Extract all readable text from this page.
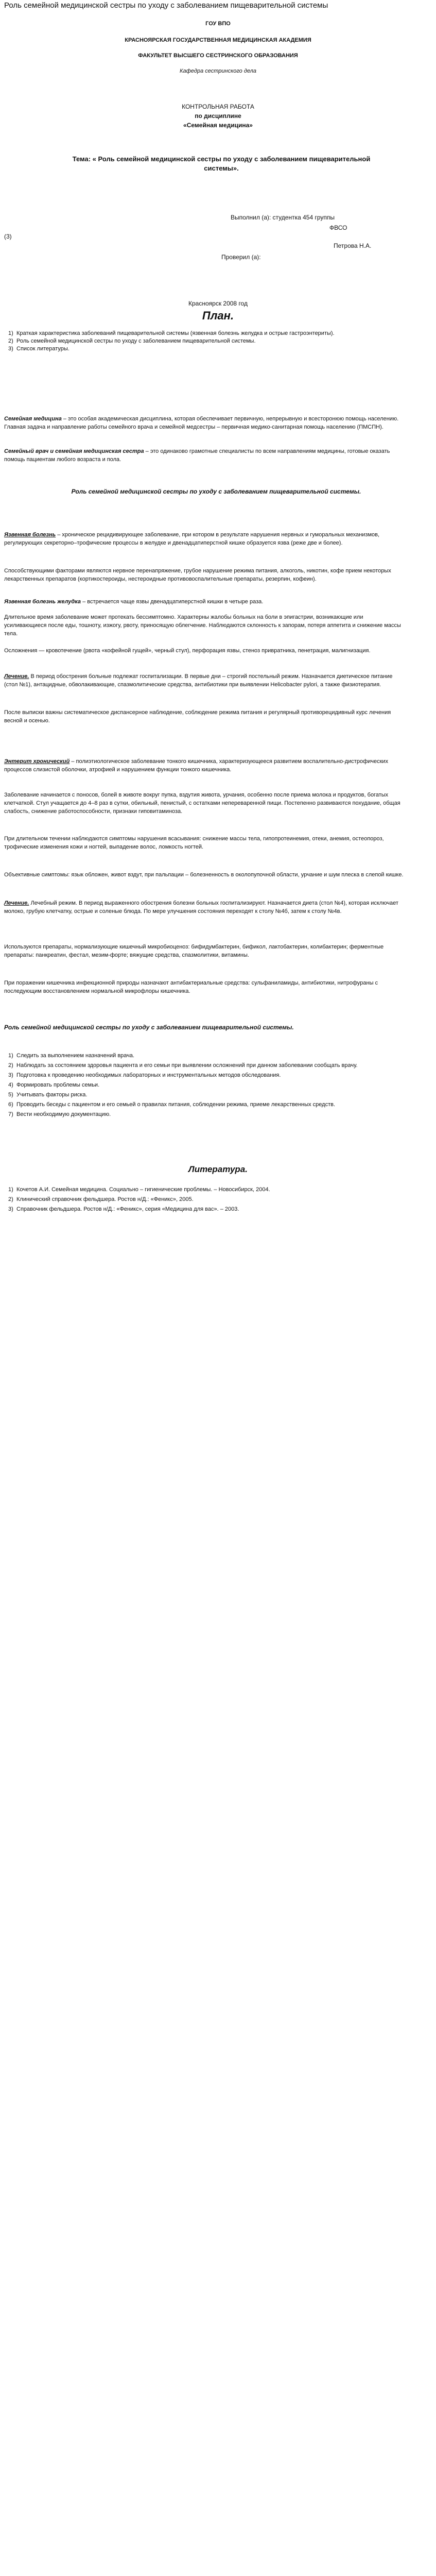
Роль семейной медицинской сестры по уходу с заболеванием пищеварительной системы
ГОУ ВПО
КРАСНОЯРСКАЯ ГОСУДАРСТВЕННАЯ МЕДИЦИНСКАЯ АКАДЕМИЯ
ФАКУЛЬТЕТ ВЫСШЕГО СЕСТРИНСКОГО ОБРАЗОВАНИЯ
Кафедра сестринского дела
КОНТРОЛЬНАЯ РАБОТА
по дисциплине
«Семейная медицина»
Тема: « Роль семейной медицинской сестры по уходу с заболеванием пищеварительной системы».
Выполнил (а): студентка 454 группы
ФВСО
(3)
Петрова Н.А.
Проверил (а):
Красноярск 2008 год
План.
1) Краткая характеристика заболеваний пищеварительной системы (язвенная болезнь желудка и острые гастроэнтериты).
2) Роль семейной медицинской сестры по уходу с заболеванием пищеварительной системы.
3) Список литературы.

Семейная медицина – это особая академическая дисциплина, которая обеспечивает первичную, непрерывную и всесторонюю помощь населению. Главная задача и направление работы семейного врача и семейной медсестры – первичная медико-санитарная помощь населению (ПМСПН).

Семейный врач и семейная медицинская сестра – это одинаково грамотные специалисты по всем направлениям медицины, готовые оказать помощь пациентам любого возраста и пола.

Роль семейной медицинской сестры по уходу с заболеванием пищеварительной системы.

Язвенная болезнь – хроническое рецидивирующее заболевание, при котором в результате нарушения нервных и гуморальных механизмов, регулирующих секреторно–трофические процессы в желудке и двенадцатиперстной кишке образуется язва (реже две и более).

Способствующими факторами являются нервное перенапряжение, грубое нарушение режима питания, алкоголь, никотин, кофе прием некоторых лекарственных препаратов (кортикостероиды, нестероидные противовоспалительные препараты, резерпин, кофеин).

Язвенная болезнь желудка – встречается чаще язвы двенадцатиперстной кишки в четыре раза.

Длительное время заболевание может протекать бессимптомно. Характерны жалобы больных на боли в эпигастрии, возникающие или усиливающиеся после еды, тошноту, изжогу, рвоту, приносящую облегчение. Наблюдаются склонность к запорам, потеря аппетита и снижение массы тела.

Осложнения — кровотечение (рвота «кофейной гущей», черный стул), перфорация язвы, стеноз привратника, пенетрация, малигнизация.

Лечение. В период обострения больные подлежат госпитализации. В первые дни – строгий постельный режим. Назначается диетическое питание (стол №1), антацидные, обволакивающие, спазмолитические средства, антибиотики при выявлении Helicobacter pylori, а также физиотерапия.

После выписки важны систематическое диспансерное наблюдение, соблюдение режима питания и регулярный противорецидивный курс лечения весной и осенью.

Энтерит хронический – полиэтиологическое заболевание тонкого кишечника, характеризующееся развитием воспалительно-дистрофических процессов слизистой оболочки, атрофией и нарушением функции тонкого кишечника.

Заболевание начинается с поносов, болей в животе вокруг пупка, вздутия живота, урчания, особенно после приема молока и продуктов, богатых клетчаткой. Стул учащается до 4–8 раз в сутки, обильный, пенистый, с остатками непереваренной пищи. Постепенно развиваются похудание, общая слабость, снижение работоспособности, признаки гиповитаминоза.

При длительном течении наблюдаются симптомы нарушения всасывания: снижение массы тела, гипопротеинемия, отеки, анемия, остеопороз, трофические изменения кожи и ногтей, выпадение волос, ломкость ногтей.

Объективные симптомы: язык обложен, живот вздут, при пальпации – болезненность в околопупочной области, урчание и шум плеска в слепой кишке.

Лечение. Лечебный режим. В период выраженного обострения болезни больных госпитализируют. Назначается диета (стол №4), которая исключает молоко, грубую клетчатку, острые и соленые блюда. По мере улучшения состояния переходят к столу №4б, затем к столу №4в.

Используются препараты, нормализующие кишечный микробиоценоз: бифидумбактерин, бификол, лактобактерин, колибактерин; ферментные препараты: панкреатин, фестал, мезим-форте; вяжущие средства, спазмолитики, витамины.

При поражении кишечника инфекционной природы назначают антибактериальные средства: сульфаниламиды, антибиотики, нитрофураны с последующим восстановлением нормальной микрофлоры кишечника.

Роль семейной медицинской сестры по уходу с заболеванием пищеварительной системы.
1) Следить за выполнением назначений врача.
2) Наблюдать за состоянием здоровья пациента и его семьи при выявлении осложнений при данном заболевании сообщать врачу.
3) Подготовка к проведению необходимых лабораторных и инструментальных методов обследования.
4) Формировать проблемы семьи.
5) Учитывать факторы риска.
6) Проводить беседы с пациентом и его семьей о правилах питания, соблюдении режима, приеме лекарственных средств.
7) Вести необходимую документацию.
Литература.
1) Кочетов А.И. Семейная медицина. Социально – гигиенические проблемы. – Новосибирск, 2004.
2) Клинический справочник фельдшера. Ростов н/Д.: «Феникс», 2005.
3) Справочник фельдшера. Ростов н/Д.: «Феникс», серия «Медицина для вас». – 2003.
